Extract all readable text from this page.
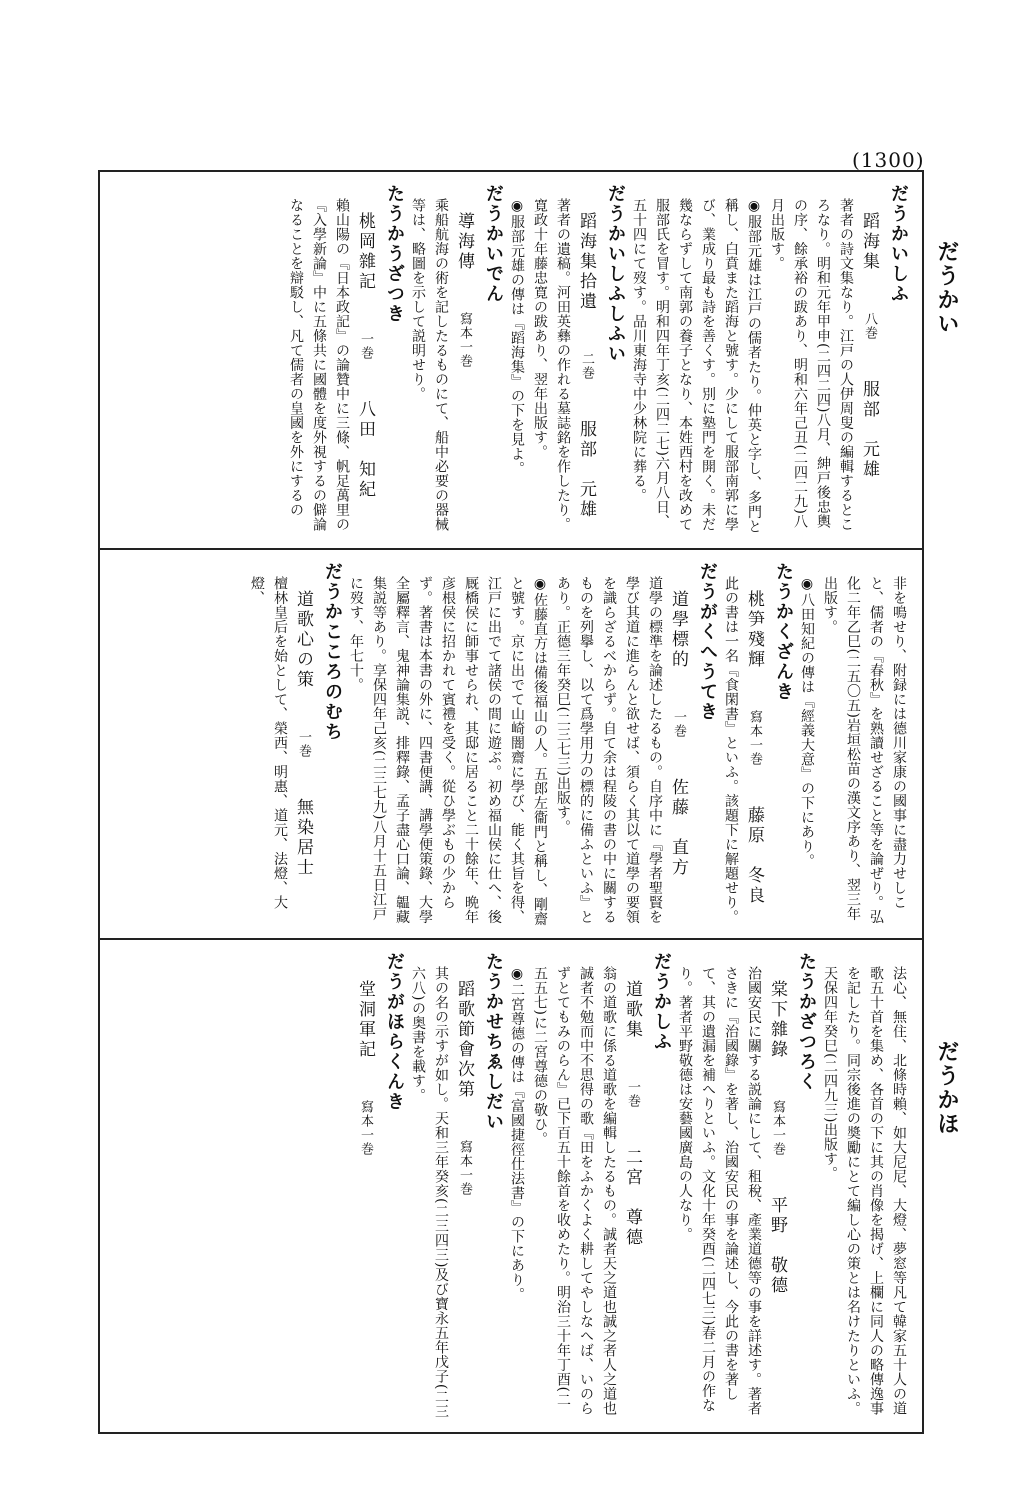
(1300)
だうかい
だうかほ
だうかいしふ
蹈海集八巻服部　元雄
著者の詩文集なり。江戸の人伊周叟の編輯するところなり。明和元年甲申(二四二四)八月、紳戸後忠輿の序、餘承裕の跋あり、明和六年己丑(二四二九)八月出版す。
◉服部元雄は江戸の儒者たり。仲英と字し、多門と稱し、白賁また蹈海と號す。少にして服部南郭に學び、業成り最も詩を善くす。別に塾門を開く。未だ幾ならずして南郭の養子となり、本姓西村を改めて服部氏を冒す。明和四年丁亥(二四二七)六月八日、五十四にて歿す。品川東海寺中少林院に葬る。
だうかいしふしふい
蹈海集拾遺二巻服部　元雄
著者の遺稿。河田英彝の作れる墓誌銘を作したり。寛政十年藤忠寛の跋あり、翌年出版す。
◉服部元雄の傳は『蹈海集』の下を見よ。
だうかいでん
導海傳寫本一巻
乘船航海の術を記したるものにて、船中必要の器械等は、略圖を示して説明せり。
たうかうざつき
桃岡雜記一巻八田　知紀
賴山陽の『日本政記』の論贊中に三條、帆足萬里の『入學新論』中に五條共に國體を度外視するの僻論なることを辯駁し、凡て儒者の皇國を外にするの
非を鳴せり、附録には德川家康の國事に盡力せしこと、儒者の『春秋』を熟讀せざること等を論ぜり。弘化二年乙巳(二五〇五)岩垣松苗の漢文序あり、翌三年出版す。
◉八田知紀の傳は『經義大意』の下にあり。
たうかくざんき
桃笋殘輝寫本一巻藤原　冬良
此の書は一名『食閑書』といふ。該題下に解題せり。
だうがくへうてき
道學標的一巻佐藤　直方
道學の標準を論述したるもの。自序中に『學者聖賢を學び其道に進らんと欲せば、須らく其以て道學の要領を識らざるべからず。自て余は程陵の書の中に關するものを列擧し、以て爲學用力の標的に備ふといふ』とあり。正德三年癸巳(二三七三)出版す。
◉佐藤直方は備後福山の人。五郎左衞門と稱し、剛齋と號す。京に出でて山崎闇齋に學び、能く其旨を得、江戸に出でて諸侯の間に遊ぶ。初め福山侯に仕へ、後厩橋侯に師事せられ、其邸に居ること二十餘年、晩年彦根侯に招かれて賓禮を受く。從ひ學ぶもの少からず。著書は本書の外に、四書便講、講學便策錄、大學全屬釋言、鬼神論集説、排釋錄、孟子盡心口論、韞藏集説等あり。享保四年己亥(二三七九)八月十五日江戸に歿す、年七十。
だうかこころのむち
道歌心の策一巻無染居士
檀林皇后を始として、榮西、明惠、道元、法燈、大燈、
法心、無住、北條時賴、如大尼尼、大燈、夢窓等凡て韓家五十人の道歌五十首を集め、各首の下に其の肖像を揭げ、上欄に同人の略傳逸事を記したり。同宗後進の奬勵にとて編し心の策とは名けたりといふ。天保四年癸巳(二四九三)出版す。
たうかざつろく
棠下雜錄寫本一巻平野　敬德
治國安民に關する説論にして、租稅、產業道德等の事を詳述す。著者さきに『治國錄』を著し、治國安民の事を論述し、今此の書を著して、其の遺漏を補へりといふ。文化十年癸酉(二四七三)春二月の作なり。著者平野敬德は安藝國廣島の人なり。
だうかしふ
道歌集一巻二宮　尊德
翁の道歌に係る道歌を編輯したるもの。誠者天之道也誠之者人之道也誠者不勉而中不思得の歌『田をふかくよく耕してやしなへば、いのらずとてもみのらん』已下百五十餘首を收めたり。明治三十年丁酉(二五五七)に二宮尊德の敬ひ。
◉二宮尊德の傳は『富國捷徑仕法書』の下にあり。
たうかせちゑしだい
蹈歌節會次第寫本一巻
其の名の示すが如し。天和三年癸亥(二三四三)及び寶永五年戊子(二三六八)の奥書を載す。
だうがほらくんき
堂洞軍記寫本一巻
